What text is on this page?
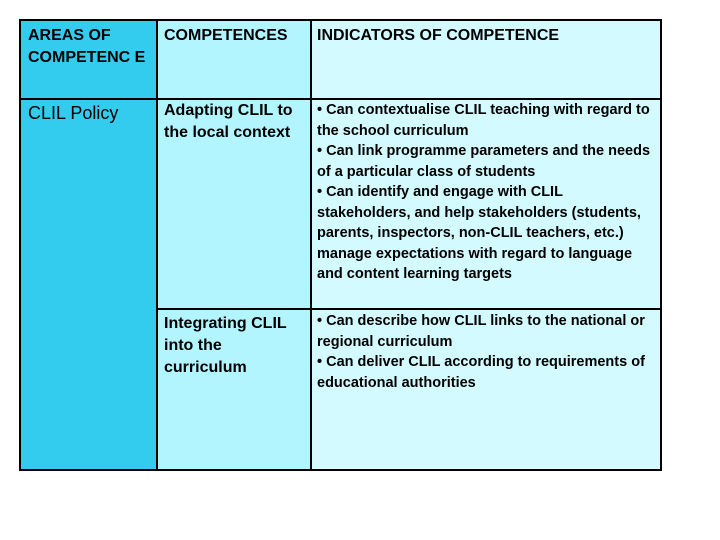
AREAS OF COMPETENC E
COMPETENCES	INDICATORS OF COMPETENCE
CLIL Policy	Adapting CLIL to the local context

• Can contextualise CLIL teaching with regard to the school curriculum

• Can link programme parameters and the needs of a particular class of students

• Can identify and engage with CLIL stakeholders, and help stakeholders (students, parents, inspectors, non-CLIL teachers, etc.) manage expectations with regard to language and content learning targets

Integrating CLIL into the curriculum

• Can describe how CLIL links to the national or regional curriculum

• Can deliver CLIL according to requirements of educational authorities
